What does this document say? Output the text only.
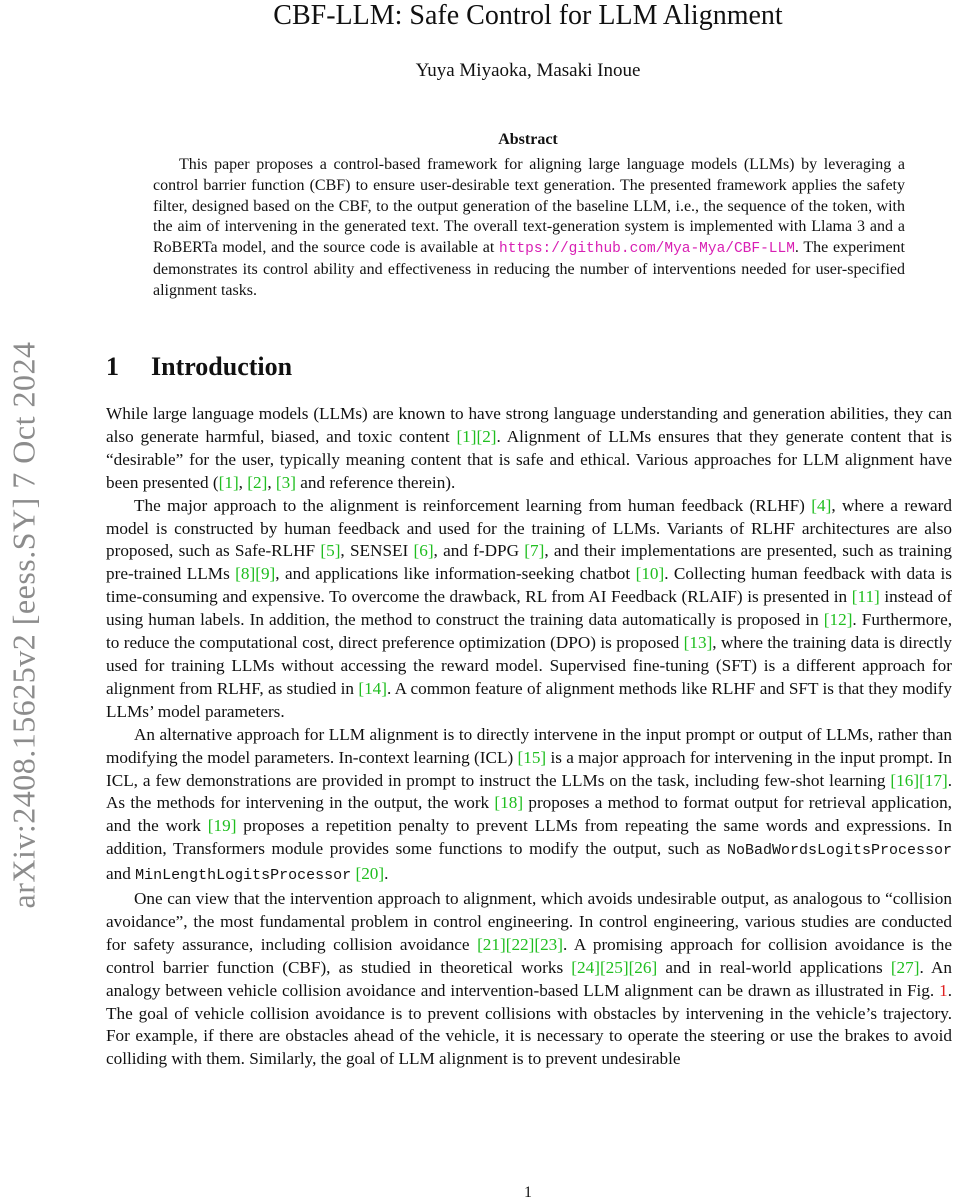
arXiv:2408.15625v2 [eess.SY] 7 Oct 2024
CBF-LLM: Safe Control for LLM Alignment
Yuya Miyaoka, Masaki Inoue
Abstract
This paper proposes a control-based framework for aligning large language models (LLMs) by leveraging a control barrier function (CBF) to ensure user-desirable text generation. The presented framework applies the safety filter, designed based on the CBF, to the output generation of the baseline LLM, i.e., the sequence of the token, with the aim of intervening in the generated text. The overall text-generation system is implemented with Llama 3 and a RoBERTa model, and the source code is available at https://github.com/Mya-Mya/CBF-LLM. The experiment demonstrates its control ability and effectiveness in reducing the number of interventions needed for user-specified alignment tasks.
1 Introduction

While large language models (LLMs) are known to have strong language understanding and generation abilities, they can also generate harmful, biased, and toxic content [1][2]. Alignment of LLMs ensures that they generate content that is “desirable” for the user, typically meaning content that is safe and ethical. Various approaches for LLM alignment have been presented ([1], [2], [3] and reference therein).

The major approach to the alignment is reinforcement learning from human feedback (RLHF) [4], where a reward model is constructed by human feedback and used for the training of LLMs. Variants of RLHF architectures are also proposed, such as Safe-RLHF [5], SENSEI [6], and f-DPG [7], and their implementations are presented, such as training pre-trained LLMs [8][9], and applications like information-seeking chatbot [10]. Collecting human feedback with data is time-consuming and expensive. To overcome the drawback, RL from AI Feedback (RLAIF) is presented in [11] instead of using human labels. In addition, the method to construct the training data automatically is proposed in [12]. Furthermore, to reduce the computational cost, direct preference optimization (DPO) is proposed [13], where the training data is directly used for training LLMs without accessing the reward model. Supervised fine-tuning (SFT) is a different approach for alignment from RLHF, as studied in [14]. A common feature of alignment methods like RLHF and SFT is that they modify LLMs’ model parameters.

An alternative approach for LLM alignment is to directly intervene in the input prompt or output of LLMs, rather than modifying the model parameters. In-context learning (ICL) [15] is a major approach for intervening in the input prompt. In ICL, a few demonstrations are provided in prompt to instruct the LLMs on the task, including few-shot learning [16][17]. As the methods for intervening in the output, the work [18] proposes a method to format output for retrieval application, and the work [19] proposes a repetition penalty to prevent LLMs from repeating the same words and expressions. In addition, Transformers module provides some functions to modify the output, such as NoBadWordsLogitsProcessor and MinLengthLogitsProcessor [20].

One can view that the intervention approach to alignment, which avoids undesirable output, as analogous to “collision avoidance”, the most fundamental problem in control engineering. In control engineering, various studies are conducted for safety assurance, including collision avoidance [21][22][23]. A promising approach for collision avoidance is the control barrier function (CBF), as studied in theoretical works [24][25][26] and in real-world applications [27]. An analogy between vehicle collision avoidance and intervention-based LLM alignment can be drawn as illustrated in Fig. 1. The goal of vehicle collision avoidance is to prevent collisions with obstacles by intervening in the vehicle’s trajectory. For example, if there are obstacles ahead of the vehicle, it is necessary to operate the steering or use the brakes to avoid colliding with them. Similarly, the goal of LLM alignment is to prevent undesirable

1
